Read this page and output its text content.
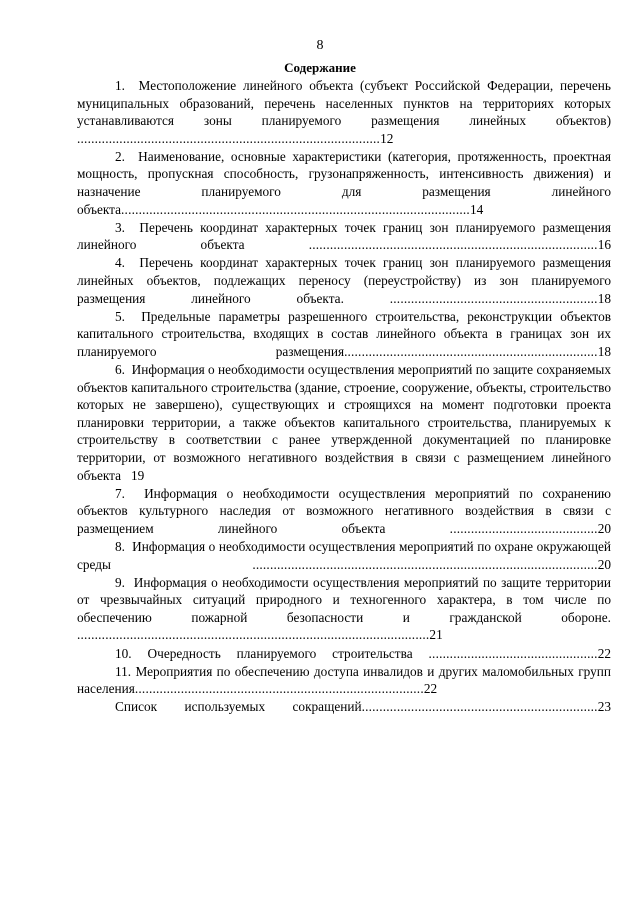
8
Содержание

1.  Местоположение линейного объекта (субъект Российской Федерации, перечень муниципальных образований, перечень населенных пунктов на территориях которых устанавливаются зоны планируемого размещения линейных объектов) ......................................................................................12

2.  Наименование, основные характеристики (категория, протяженность, проектная мощность, пропускная способность, грузонапряженность, интенсивность движения) и назначение планируемого для размещения линейного объекта...................................................................................................14

3.  Перечень координат характерных точек границ зон планируемого размещения линейного объекта ..................................................................................16

4.  Перечень координат характерных точек границ зон планируемого размещения линейных объектов, подлежащих переносу (переустройству) из зон планируемого размещения линейного объекта. ...........................................................18

5.  Предельные параметры разрешенного строительства, реконструкции объектов капитального строительства, входящих в состав линейного объекта в границах зон их планируемого размещения........................................................................18

6.  Информация о необходимости осуществления мероприятий по защите сохраняемых объектов капитального строительства (здание, строение, сооружение, объекты, строительство которых не завершено), существующих и строящихся на момент подготовки проекта планировки территории, а также объектов капитального строительства, планируемых к строительству в соответствии с ранее утвержденной документацией по планировке территории, от возможного негативного воздействия в связи с размещением линейного объекта   19

7.  Информация о необходимости осуществления мероприятий по сохранению объектов культурного наследия от возможного негативного воздействия в связи с размещением линейного объекта ..........................................20

8.  Информация о необходимости осуществления мероприятий по охране окружающей среды ..................................................................................................20

9.  Информация о необходимости осуществления мероприятий по защите территории от чрезвычайных ситуаций природного и техногенного характера, в том числе по обеспечению пожарной безопасности и гражданской обороне. ....................................................................................................21

10. Очередность планируемого строительства ................................................22

11. Мероприятия по обеспечению доступа инвалидов и других маломобильных групп населения..................................................................................22

Список используемых сокращений...................................................................23
